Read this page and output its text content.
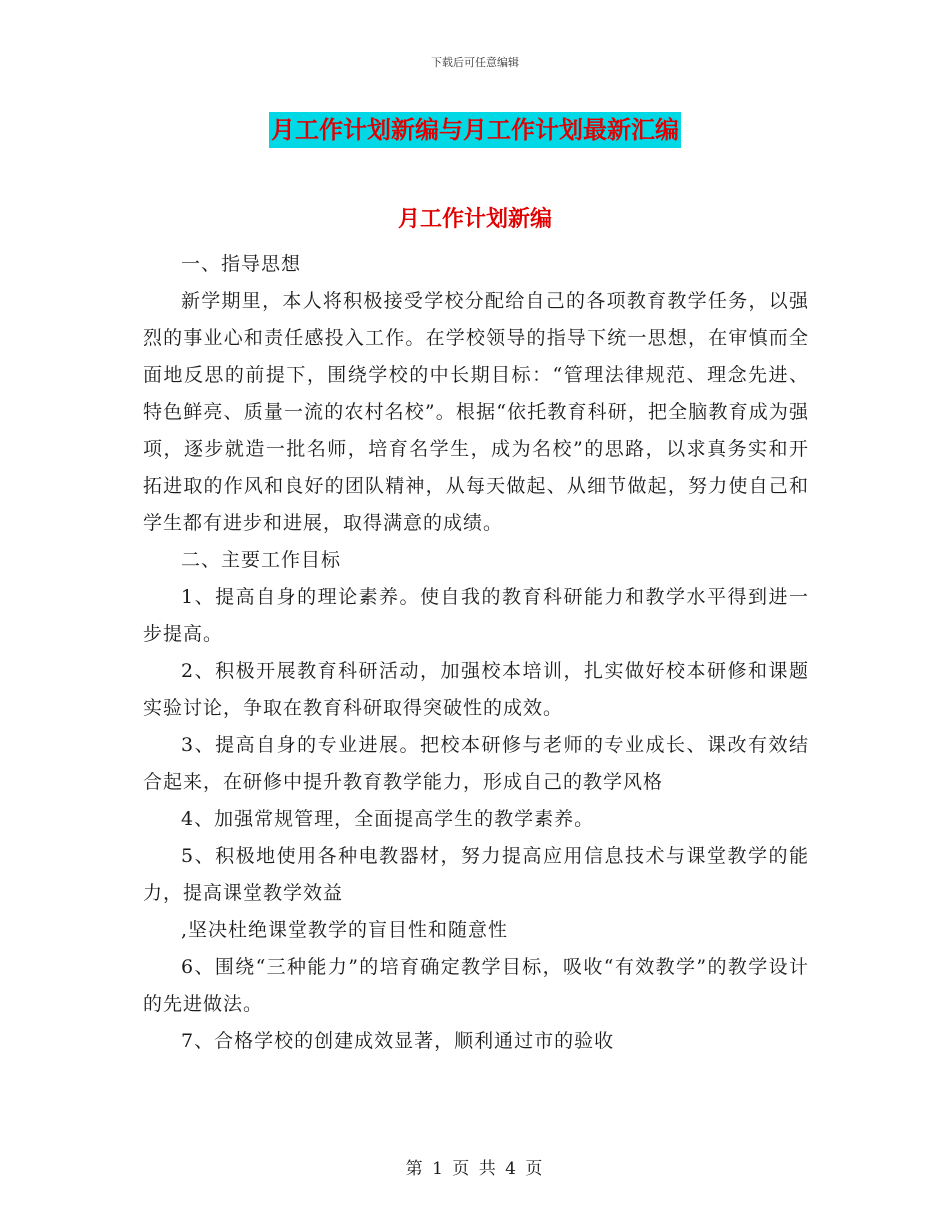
下载后可任意编辑
月工作计划新编与月工作计划最新汇编
月工作计划新编

一、指导思想

新学期里，本人将积极接受学校分配给自己的各项教育教学任务，以强烈的事业心和责任感投入工作。在学校领导的指导下统一思想，在审慎而全面地反思的前提下，围绕学校的中长期目标：“管理法律规范、理念先进、特色鲜亮、质量一流的农村名校”。根据“依托教育科研，把全脑教育成为强项，逐步就造一批名师，培育名学生，成为名校”的思路，以求真务实和开拓进取的作风和良好的团队精神，从每天做起、从细节做起，努力使自己和学生都有进步和进展，取得满意的成绩。

二、主要工作目标

1、提高自身的理论素养。使自我的教育科研能力和教学水平得到进一步提高。

2、积极开展教育科研活动，加强校本培训，扎实做好校本研修和课题实验讨论，争取在教育科研取得突破性的成效。

3、提高自身的专业进展。把校本研修与老师的专业成长、课改有效结合起来，在研修中提升教育教学能力，形成自己的教学风格

4、加强常规管理，全面提高学生的教学素养。

5、积极地使用各种电教器材，努力提高应用信息技术与课堂教学的能力，提高课堂教学效益

,坚决杜绝课堂教学的盲目性和随意性

6、围绕“三种能力”的培育确定教学目标，吸收“有效教学”的教学设计的先进做法。

7、合格学校的创建成效显著，顺利通过市的验收

第 1 页 共 4 页
